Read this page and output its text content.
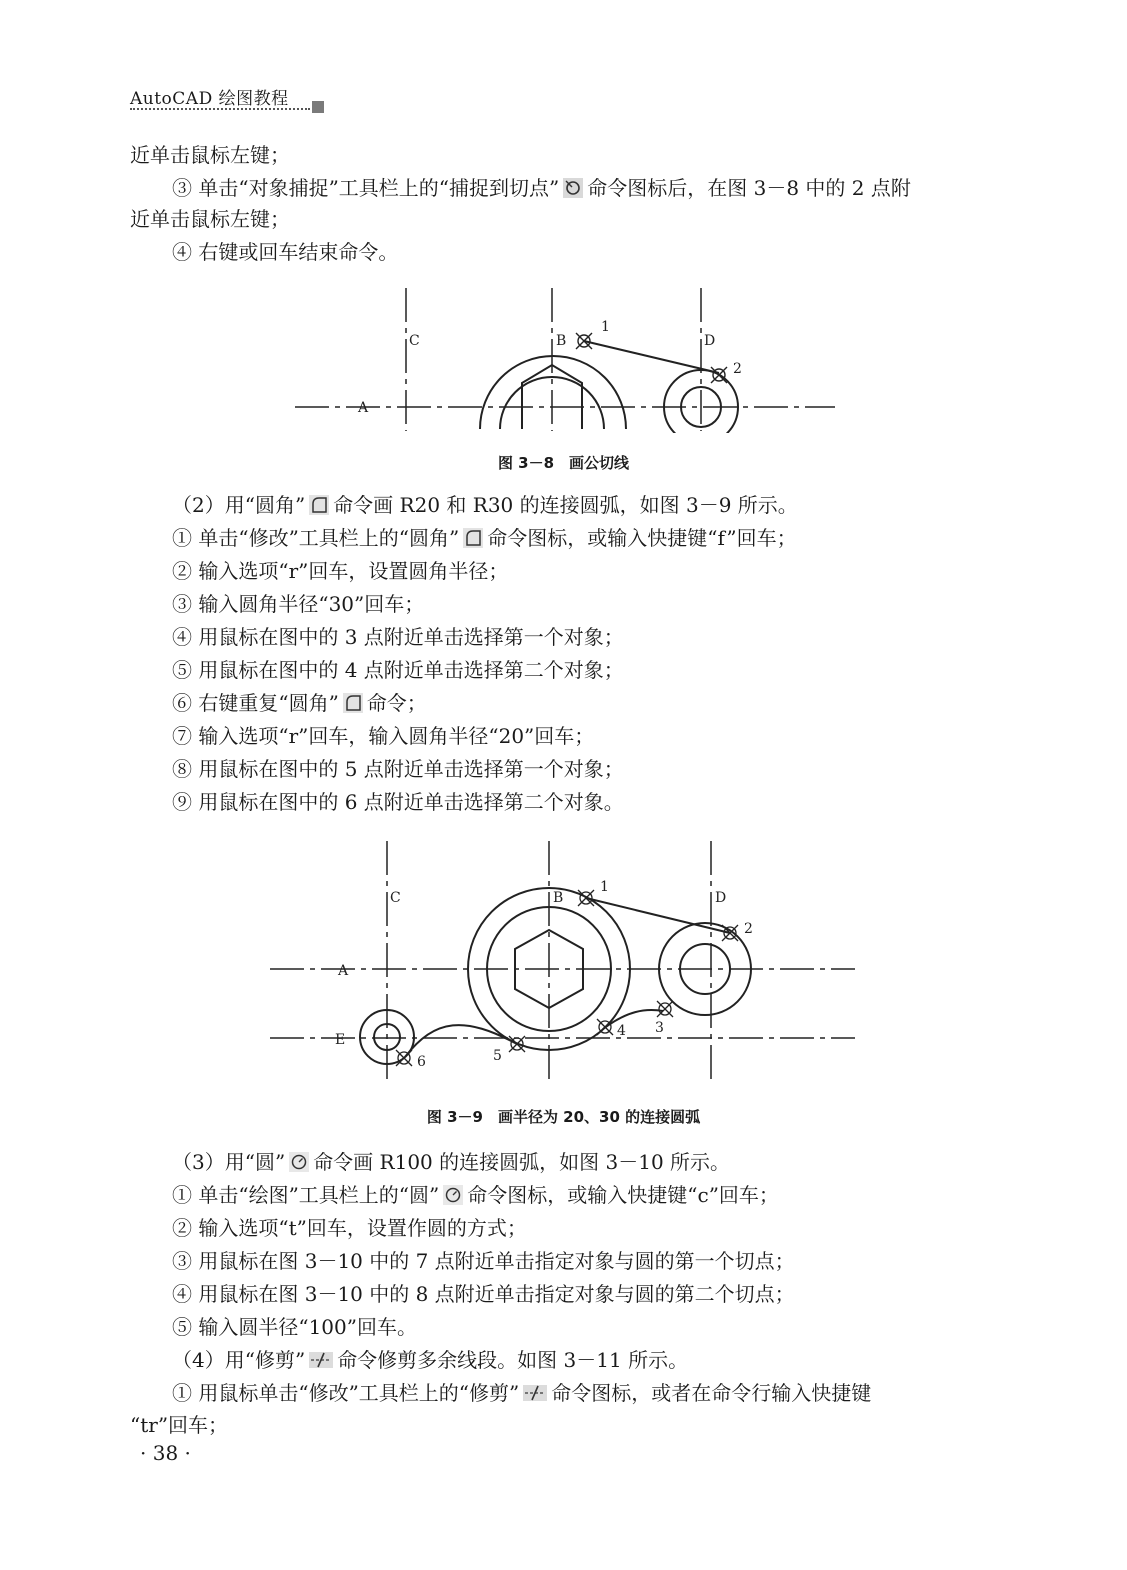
AutoCAD 绘图教程
近单击鼠标左键；
③ 单击“对象捕捉”工具栏上的“捕捉到切点” 命令图标后，在图 3－8 中的 2 点附
近单击鼠标左键；
④ 右键或回车结束命令。
C	B	D
A
1
2
图 3－8　画公切线
（2）用“圆角” 命令画 R20 和 R30 的连接圆弧，如图 3－9 所示。
① 单击“修改”工具栏上的“圆角” 命令图标，或输入快捷键“f”回车；
② 输入选项“r”回车，设置圆角半径；
③ 输入圆角半径“30”回车；
④ 用鼠标在图中的 3 点附近单击选择第一个对象；
⑤ 用鼠标在图中的 4 点附近单击选择第二个对象；
⑥ 右键重复“圆角” 命令；
⑦ 输入选项“r”回车，输入圆角半径“20”回车；
⑧ 用鼠标在图中的 5 点附近单击选择第一个对象；
⑨ 用鼠标在图中的 6 点附近单击选择第二个对象。
C	B	D
A
E
1
2
3
4
5
6
图 3－9　画半径为 20、30 的连接圆弧
（3）用“圆” 命令画 R100 的连接圆弧，如图 3－10 所示。
① 单击“绘图”工具栏上的“圆” 命令图标，或输入快捷键“c”回车；
② 输入选项“t”回车，设置作圆的方式；
③ 用鼠标在图 3－10 中的 7 点附近单击指定对象与圆的第一个切点；
④ 用鼠标在图 3－10 中的 8 点附近单击指定对象与圆的第二个切点；
⑤ 输入圆半径“100”回车。
（4）用“修剪” 命令修剪多余线段。如图 3－11 所示。
① 用鼠标单击“修改”工具栏上的“修剪” 命令图标，或者在命令行输入快捷键
“tr”回车；
· 38 ·
